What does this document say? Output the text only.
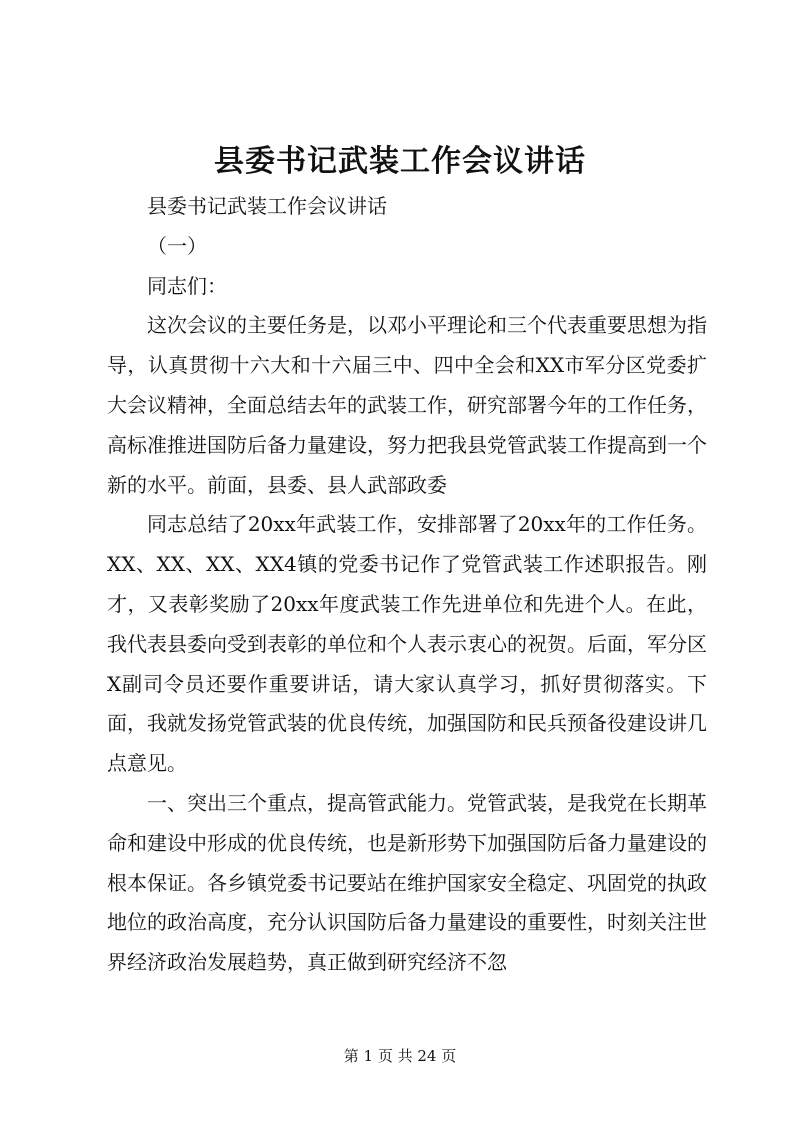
县委书记武装工作会议讲话

县委书记武装工作会议讲话

（一）

同志们：

这次会议的主要任务是，以邓小平理论和三个代表重要思想为指导，认真贯彻十六大和十六届三中、四中全会和XX市军分区党委扩大会议精神，全面总结去年的武装工作，研究部署今年的工作任务，高标准推进国防后备力量建设，努力把我县党管武装工作提高到一个新的水平。前面，县委、县人武部政委

同志总结了20xx年武装工作，安排部署了20xx年的工作任务。XX、XX、XX、XX4镇的党委书记作了党管武装工作述职报告。刚才，又表彰奖励了20xx年度武装工作先进单位和先进个人。在此，我代表县委向受到表彰的单位和个人表示衷心的祝贺。后面，军分区X副司令员还要作重要讲话，请大家认真学习，抓好贯彻落实。下面，我就发扬党管武装的优良传统，加强国防和民兵预备役建设讲几点意见。

一、突出三个重点，提高管武能力。党管武装，是我党在长期革命和建设中形成的优良传统，也是新形势下加强国防后备力量建设的根本保证。各乡镇党委书记要站在维护国家安全稳定、巩固党的执政地位的政治高度，充分认识国防后备力量建设的重要性，时刻关注世界经济政治发展趋势，真正做到研究经济不忽

第 1 页 共 24 页
